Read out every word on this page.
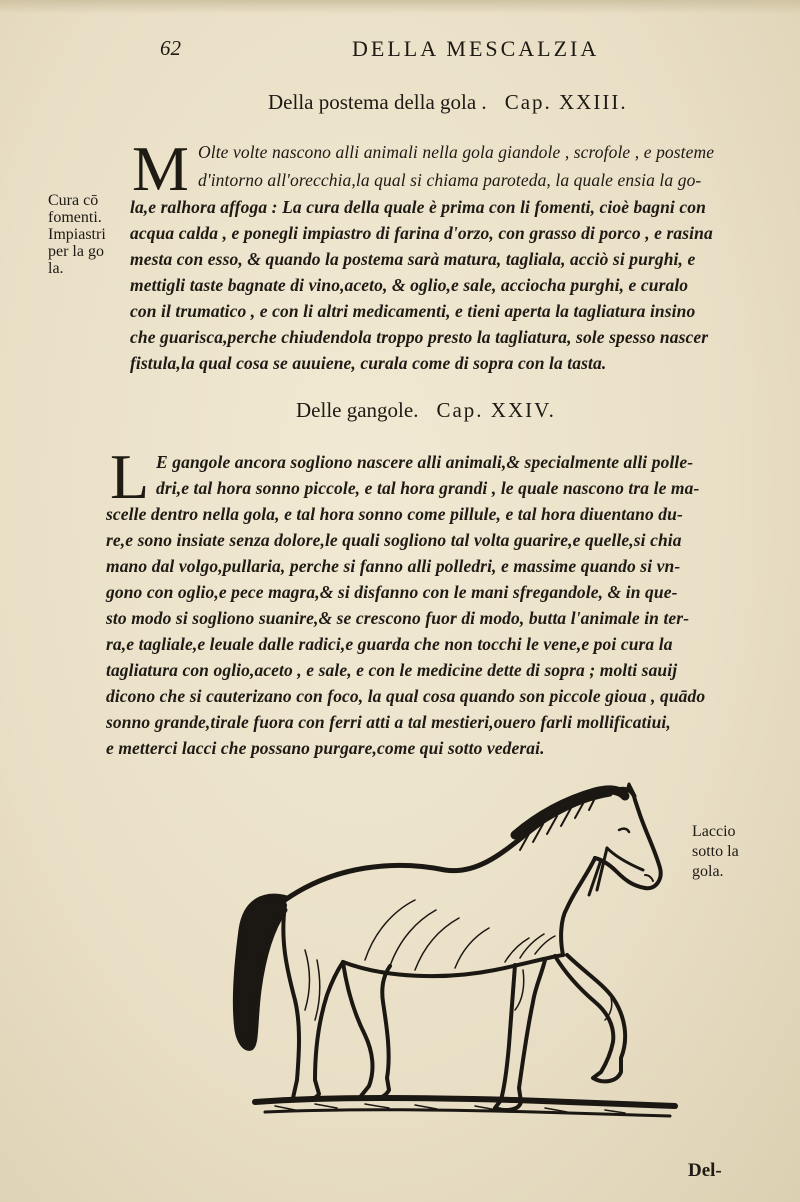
62	DELLA MESCALZIA
Della postema della gola . Cap. XXIII.
M Olte volte nascono alli animali nella gola giandole , scrofole , e posteme
d'intorno all'orecchia,la qual si chiama paroteda, la quale ensia la go-
la,e ralhora affoga : La cura della quale è prima con li fomenti, cioè bagni con
acqua calda , e ponegli impiastro di farina d'orzo, con grasso di porco , e rasina
mesta con esso, & quando la postema sarà matura, tagliala, acciò si purghi, e
mettigli taste bagnate di vino,aceto, & oglio,e sale, acciocha purghi, e curalo
con il trumatico , e con li altri medicamenti, e tieni aperta la tagliatura insino
che guarisca,perche chiudendola troppo presto la tagliatura, sole spesso nascer
fistula,la qual cosa se auuiene, curala come di sopra con la tasta.
Cura cō
fomenti.
Impiastri
per la go
la.
Delle gangole. Cap. XXIV.
L E gangole ancora sogliono nascere alli animali,& specialmente alli polle-
dri,e tal hora sonno piccole, e tal hora grandi , le quale nascono tra le ma-
scelle dentro nella gola, e tal hora sonno come pillule, e tal hora diuentano du-
re,e sono insiate senza dolore,le quali sogliono tal volta guarire,e quelle,si chia
mano dal volgo,pullaria, perche si fanno alli polledri, e massime quando si vn-
gono con oglio,e pece magra,& si disfanno con le mani sfregandole, & in que-
sto modo si sogliono suanire,& se crescono fuor di modo, butta l'animale in ter-
ra,e tagliale,e leuale dalle radici,e guarda che non tocchi le vene,e poi cura la
tagliatura con oglio,aceto , e sale, e con le medicine dette di sopra ; molti sauij
dicono che si cauterizano con foco, la qual cosa quando son piccole gioua , quādo
sonno grande,tirale fuora con ferri atti a tal mestieri,ouero farli mollificatiui,
e metterci lacci che possano purgare,come qui sotto vederai.
Laccio
sotto la
gola.
Del-
